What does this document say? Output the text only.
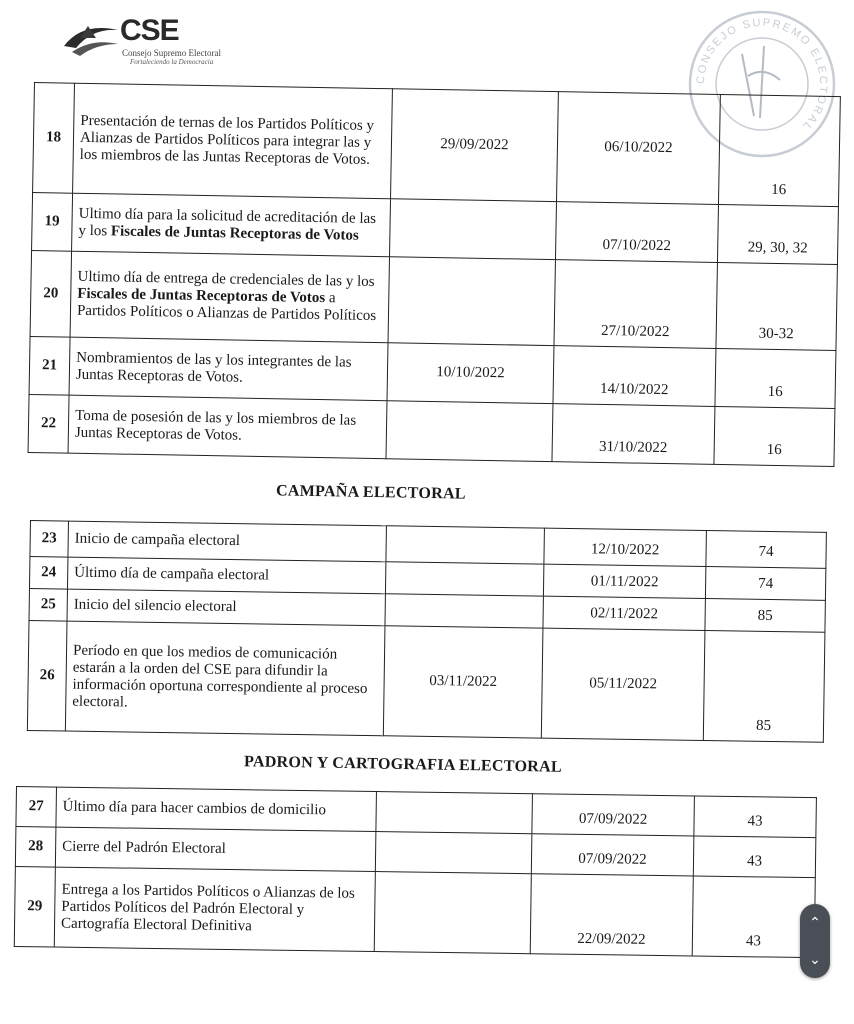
CSE
Consejo Supremo Electoral
Fortaleciendo la Democracia
CONSEJO SUPREMO ELECTORAL
18	Presentación de ternas de los Partidos Políticos y Alianzas de Partidos Políticos para integrar las y los miembros de las Juntas Receptoras de Votos.	29/09/2022	06/10/2022	16
19	Ultimo día para la solicitud de acreditación de las y los Fiscales de Juntas Receptoras de Votos		07/10/2022	29, 30, 32
20	Ultimo día de entrega de credenciales de las y los Fiscales de Juntas Receptoras de Votos a Partidos Políticos o Alianzas de Partidos Políticos		27/10/2022	30-32
21	Nombramientos de las y los integrantes de las Juntas Receptoras de Votos.	10/10/2022	14/10/2022	16
22	Toma de posesión de las y los miembros de las Juntas Receptoras de Votos.		31/10/2022	16
CAMPAÑA ELECTORAL
23	Inicio de campaña electoral		12/10/2022	74
24	Último día de campaña electoral		01/11/2022	74
25	Inicio del silencio electoral		02/11/2022	85
26	Período en que los medios de comunicación estarán a la orden del CSE para difundir la información oportuna correspondiente al proceso electoral.	03/11/2022	05/11/2022	85
PADRON Y CARTOGRAFIA ELECTORAL
27	Último día para hacer cambios de domicilio		07/09/2022	43
28	Cierre del Padrón Electoral		07/09/2022	43
29	Entrega a los Partidos Políticos o Alianzas de los Partidos Políticos del Padrón Electoral y Cartografía Electoral Definitiva		22/09/2022	43
⌃
⌄
